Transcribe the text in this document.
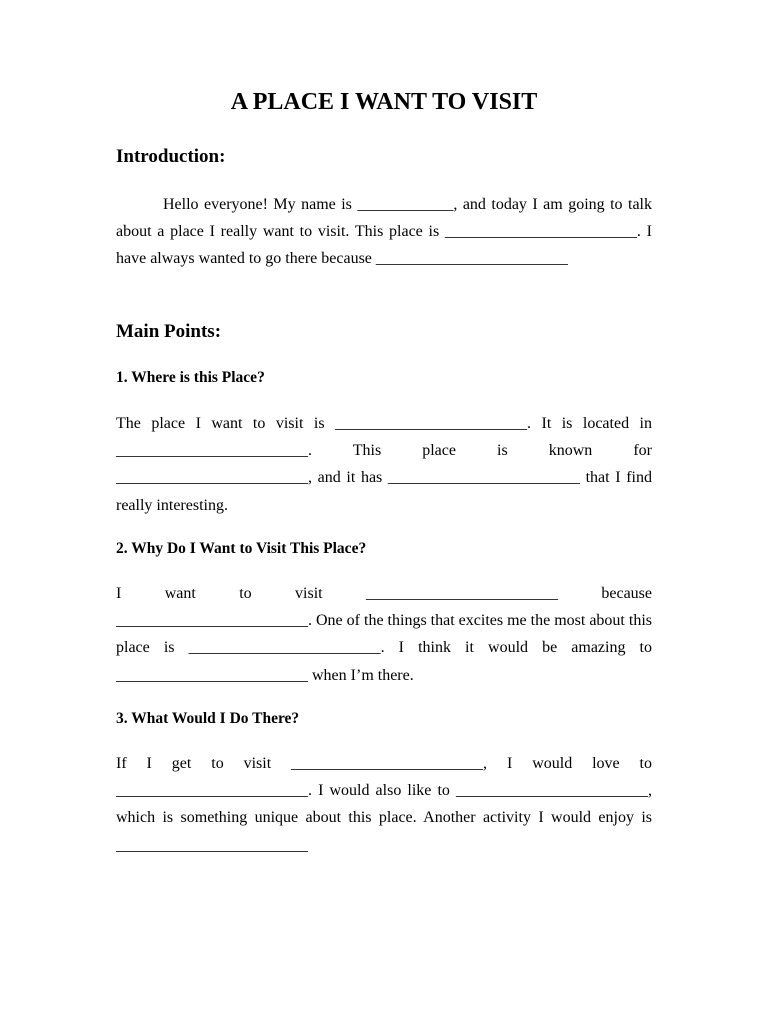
A PLACE I WANT TO VISIT
Introduction:

Hello everyone! My name is ____________, and today I am going to talk about a place I really want to visit. This place is ________________________. I have always wanted to go there because ________________________

Main Points:
1. Where is this Place?

The place I want to visit is ________________________. It is located in ________________________. This place is known for ________________________, and it has ________________________ that I find really interesting.

2. Why Do I Want to Visit This Place?

I want to visit ________________________ because ________________________. One of the things that excites me the most about this place is ________________________. I think it would be amazing to ________________________ when I’m there.

3. What Would I Do There?

If I get to visit ________________________, I would love to ________________________. I would also like to ________________________, which is something unique about this place. Another activity I would enjoy is ________________________
